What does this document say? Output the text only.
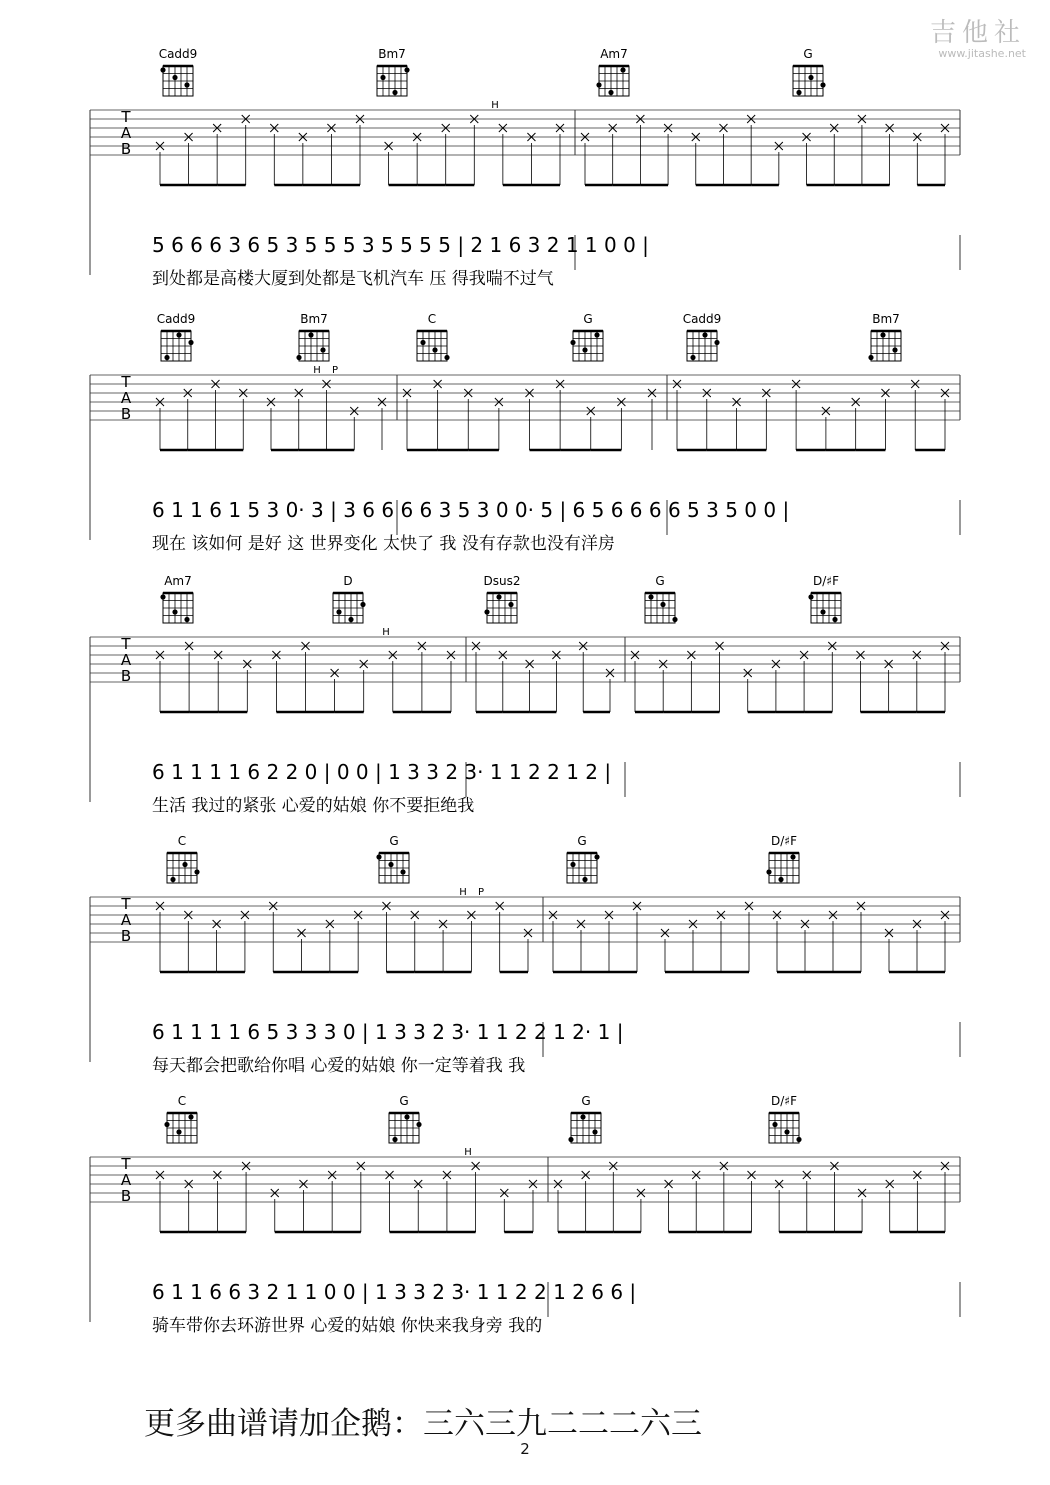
吉他社
www.jitashe.net
Cadd9	Bm7	Am7	G
T
A
B
H
5 6 6 6 3 6 5 3 5 5 5 3 5 5 5 5 | 2 1 6 3 2 1 1 0 0 |
到处都是高楼大厦到处都是飞机汽车 压 得我喘不过气
Cadd9	Bm7	C	G	Cadd9	Bm7
T
A
B
H P
6 1 1 6 1 5 3 0· 3 | 3 6 6 6 6 3 5 3 0 0· 5 | 6 5 6 6 6 6 5 3 5 0 0 |
现在 该如何 是好 这 世界变化 太快了 我 没有存款也没有洋房
Am7	D	Dsus2	G	D/♯F
T
A
B
H
6 1 1 1 1 6 2 2 0 | 0 0 | 1 3 3 2 3· 1 1 2 2 1 2 |
生活 我过的紧张 心爱的姑娘 你不要拒绝我
C	G	G	D/♯F
T
A
B
H P
6 1 1 1 1 6 5 3 3 3 0 | 1 3 3 2 3· 1 1 2 2 1 2· 1 |
每天都会把歌给你唱 心爱的姑娘 你一定等着我 我
C	G	G	D/♯F
T
A
B
H
6 1 1 6 6 3 2 1 1 0 0 | 1 3 3 2 3· 1 1 2 2 1 2 6 6 |
骑车带你去环游世界 心爱的姑娘 你快来我身旁 我的
更多曲谱请加企鹅：三六三九二二二六三
2
